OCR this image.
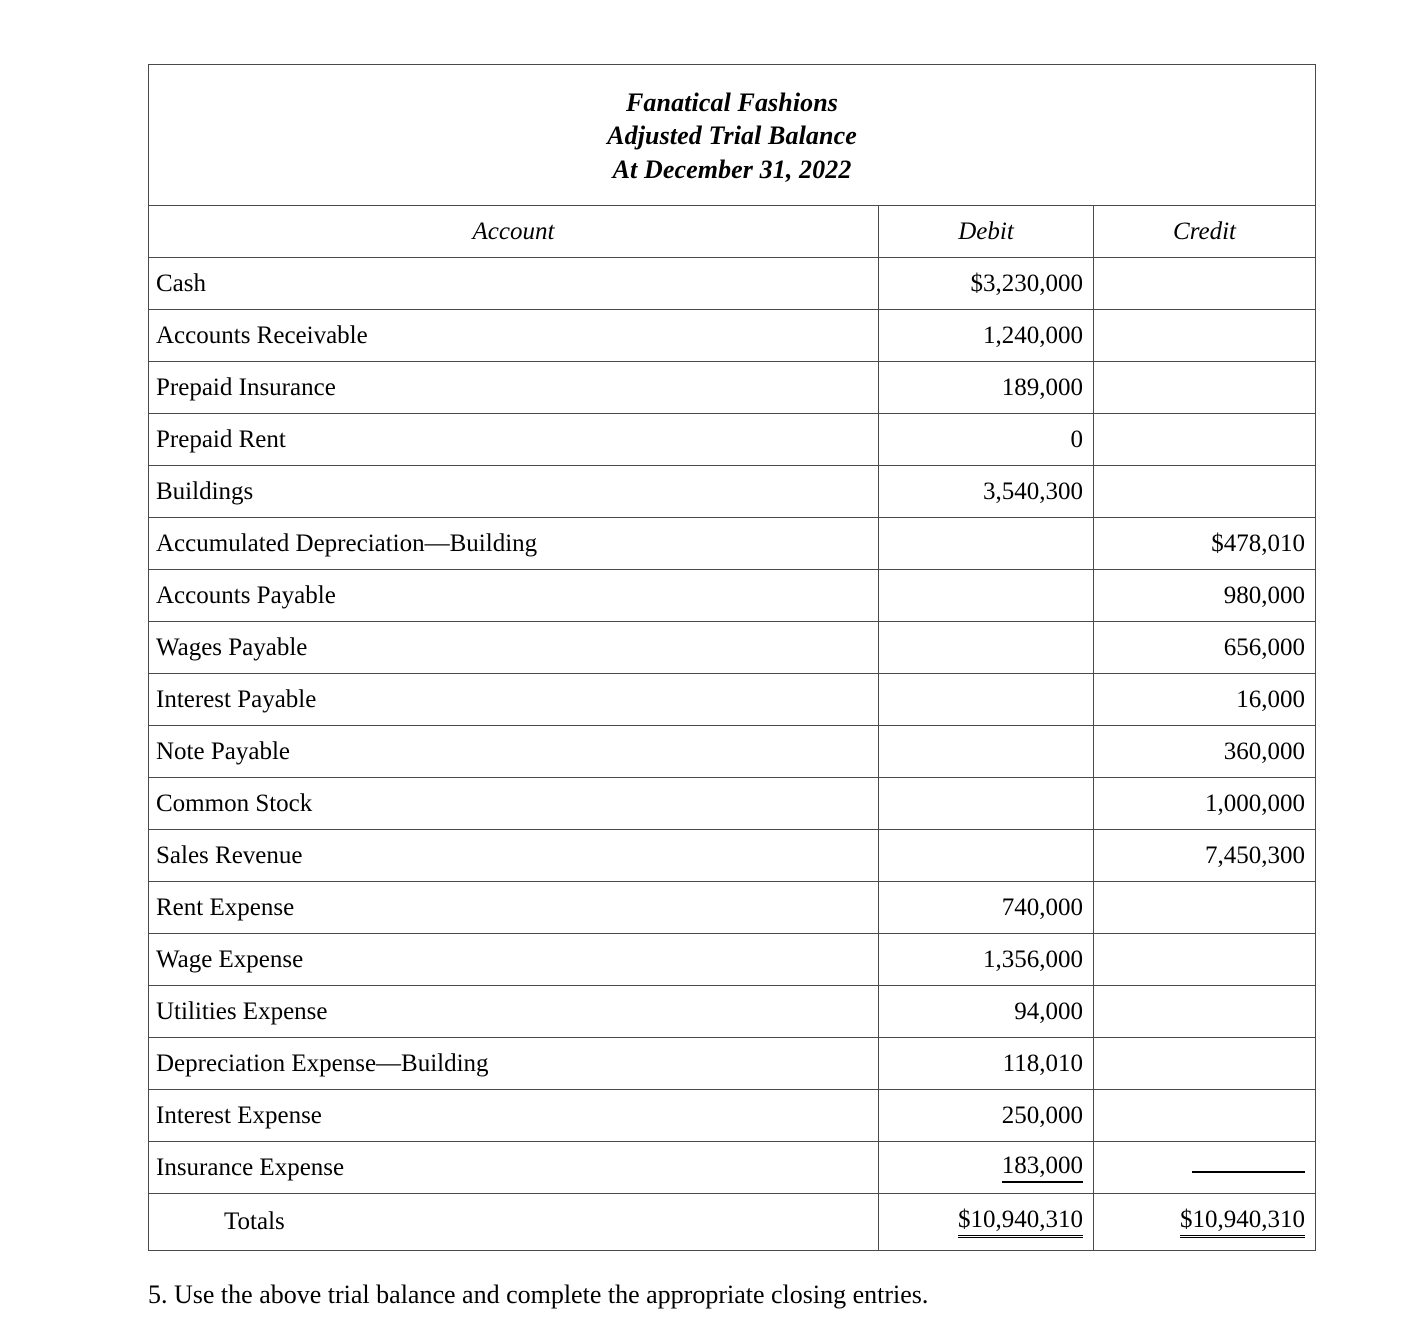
Fanatical Fashions
Adjusted Trial Balance
At December 31, 2022		

Account	Debit	Credit
Cash	$3,230,000	
Accounts Receivable	1,240,000	
Prepaid Insurance	189,000	
Prepaid Rent	0	
Buildings	3,540,300	
Accumulated Depreciation—Building		$478,010
Accounts Payable		980,000
Wages Payable		656,000
Interest Payable		16,000
Note Payable		360,000
Common Stock		1,000,000
Sales Revenue		7,450,300
Rent Expense	740,000	
Wage Expense	1,356,000	
Utilities Expense	94,000	
Depreciation Expense—Building	118,010	
Interest Expense	250,000	
Insurance Expense	183,000	
Totals	$10,940,310	$10,940,310
5. Use the above trial balance and complete the appropriate closing entries.
